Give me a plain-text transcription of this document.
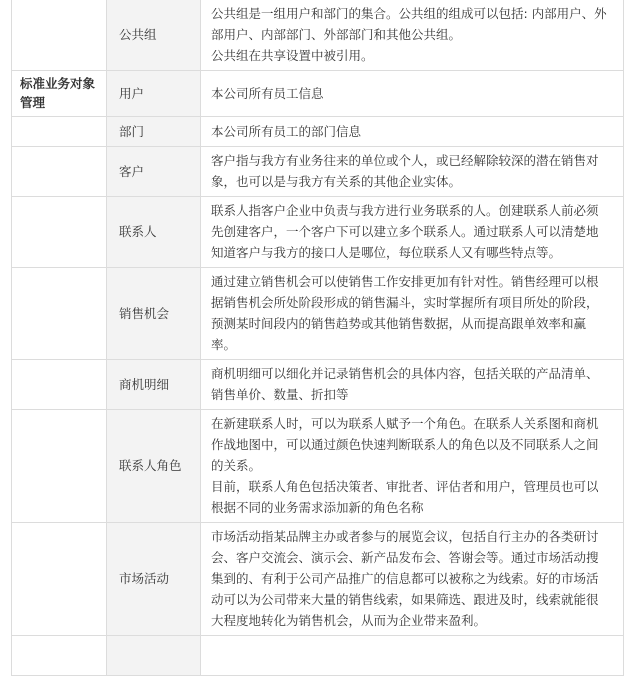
	公共组	公共组是一组用户和部门的集合。公共组的组成可以包括: 内部用户、外部用户、内部部门、外部部门和其他公共组。
公共组在共享设置中被引用。

标准业务对象管理	用户	本公司所有员工信息

	部门	本公司所有员工的部门信息

	客户	客户指与我方有业务往来的单位或个人，或已经解除较深的潜在销售对象，也可以是与我方有关系的其他企业实体。

	联系人	联系人指客户企业中负责与我方进行业务联系的人。创建联系人前必须先创建客户，一个客户下可以建立多个联系人。通过联系人可以清楚地知道客户与我方的接口人是哪位，每位联系人又有哪些特点等。

	销售机会	通过建立销售机会可以使销售工作安排更加有针对性。销售经理可以根据销售机会所处阶段形成的销售漏斗，实时掌握所有项目所处的阶段，预测某时间段内的销售趋势或其他销售数据，从而提高跟单效率和赢率。

	商机明细	商机明细可以细化并记录销售机会的具体内容，包括关联的产品清单、销售单价、数量、折扣等

	联系人角色	在新建联系人时，可以为联系人赋予一个角色。在联系人关系图和商机作战地图中，可以通过颜色快速判断联系人的角色以及不同联系人之间的关系。
目前，联系人角色包括决策者、审批者、评估者和用户，管理员也可以根据不同的业务需求添加新的角色名称

	市场活动	市场活动指某品牌主办或者参与的展览会议，包括自行主办的各类研讨会、客户交流会、演示会、新产品发布会、答谢会等。通过市场活动搜集到的、有利于公司产品推广的信息都可以被称之为线索。好的市场活动可以为公司带来大量的销售线索，如果筛选、跟进及时，线索就能很大程度地转化为销售机会，从而为企业带来盈利。
